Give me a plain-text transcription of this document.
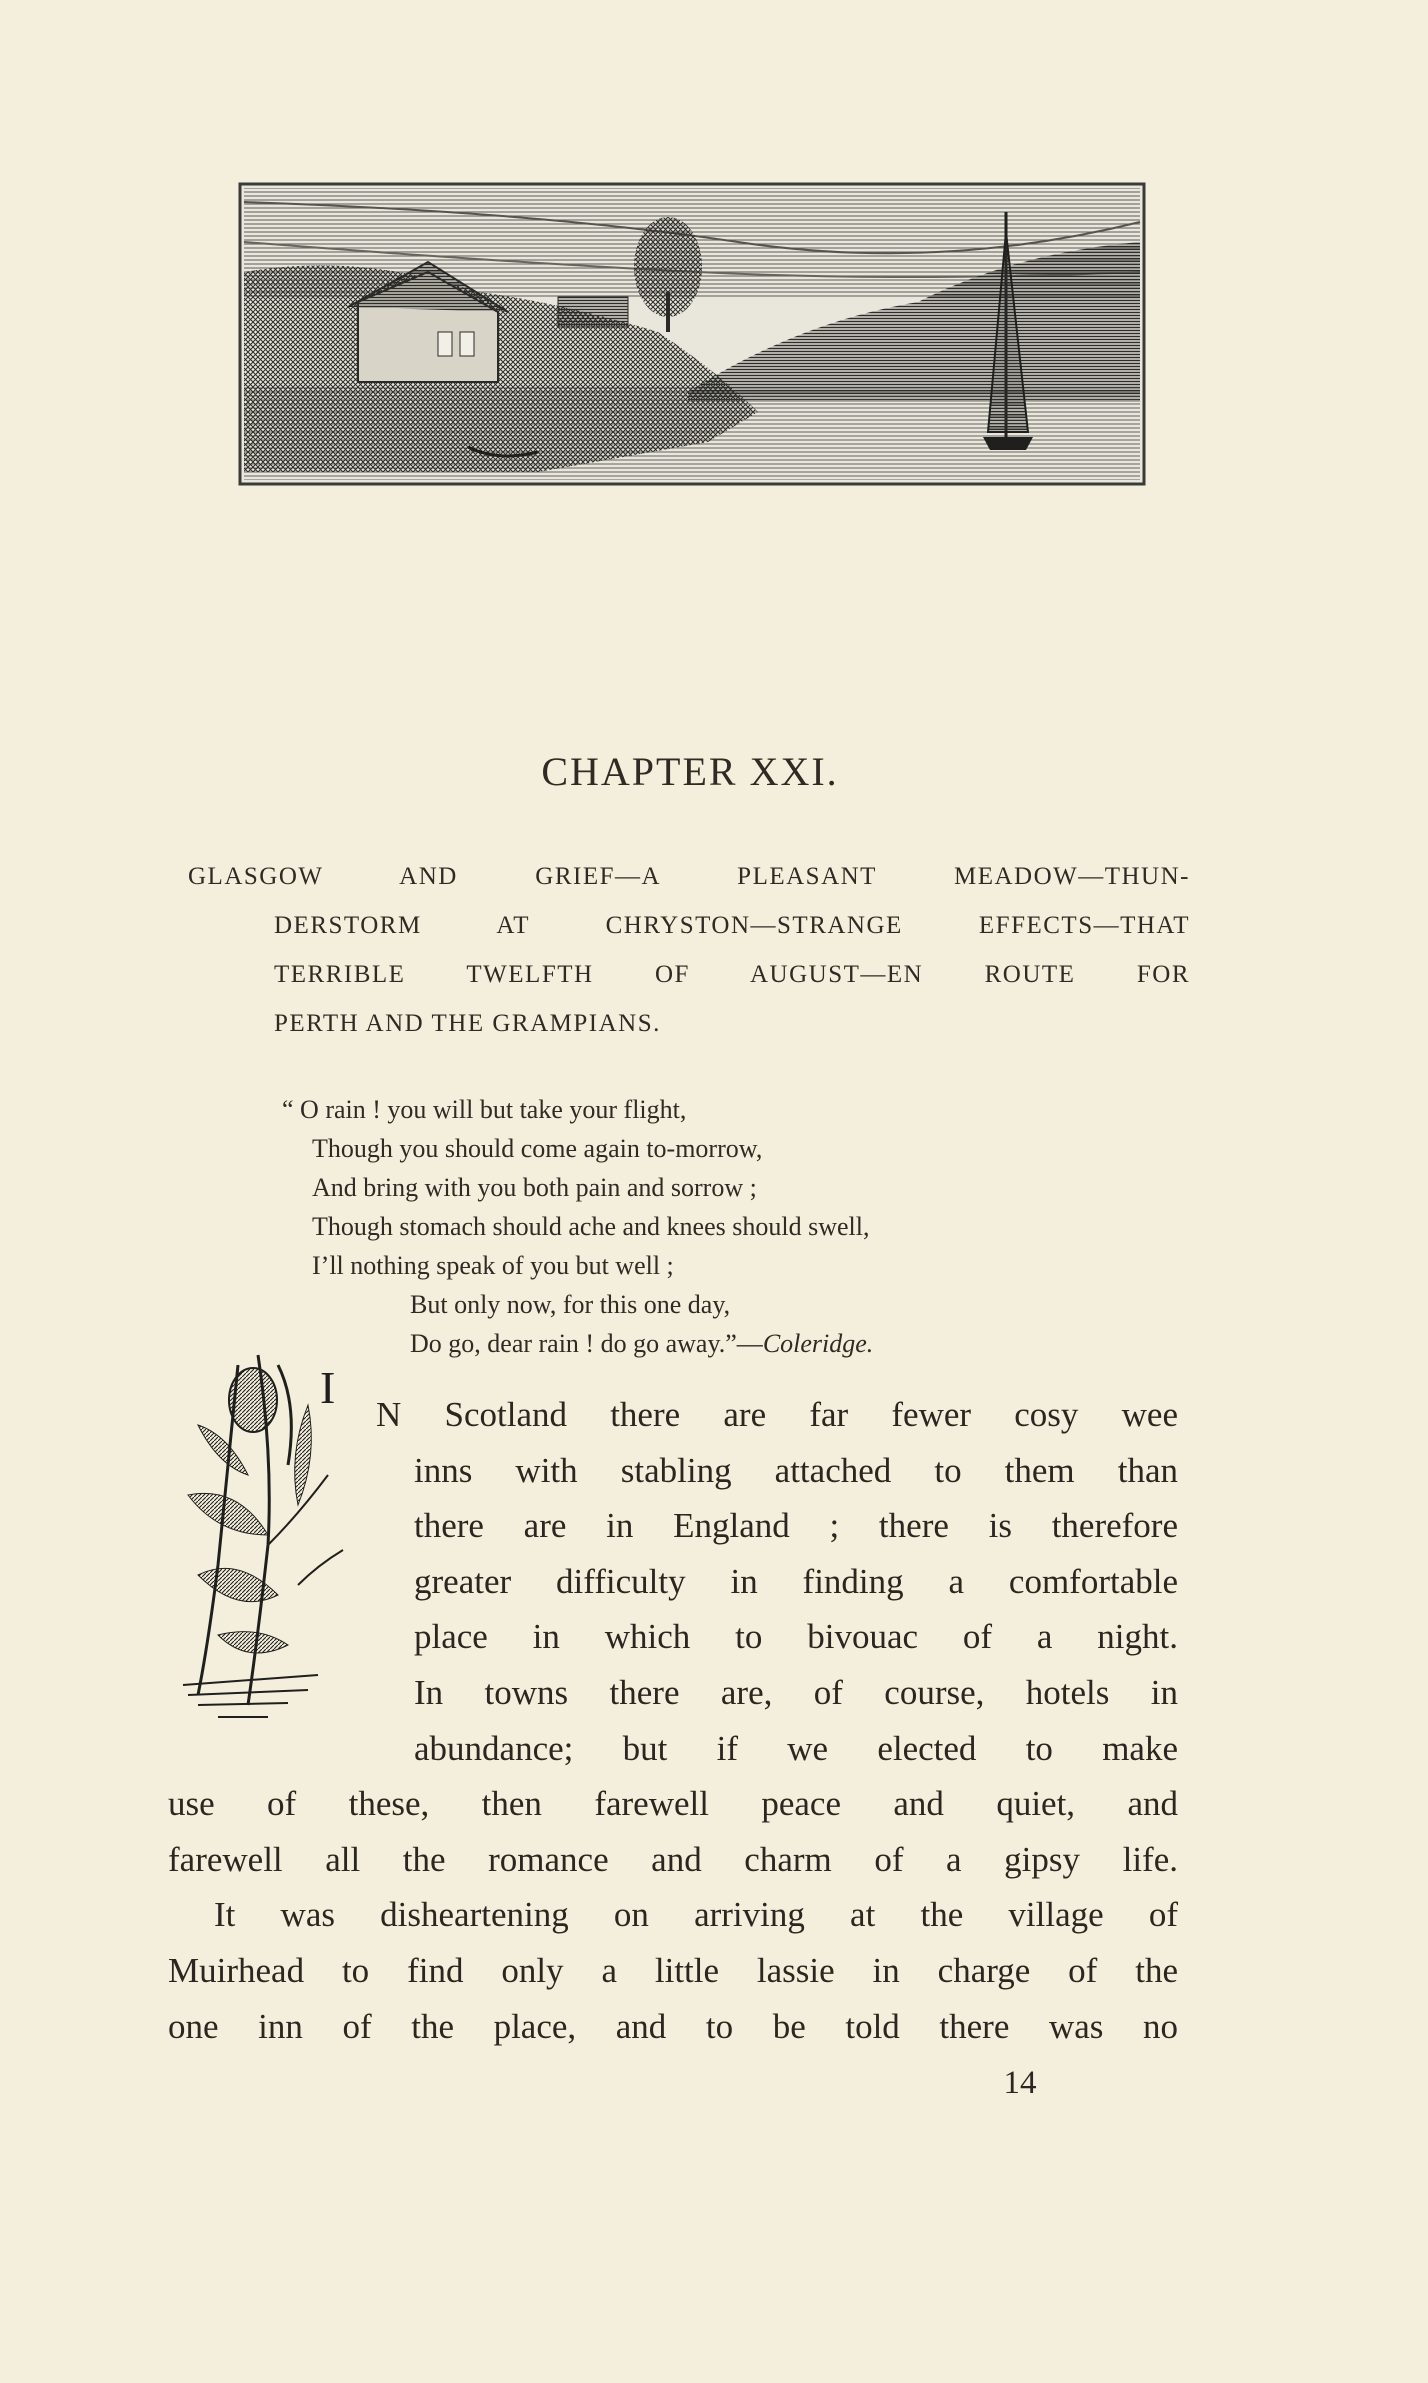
CHAPTER XXI.
GLASGOW AND GRIEF—A PLEASANT MEADOW—THUN-
DERSTORM AT CHRYSTON—STRANGE EFFECTS—THAT
TERRIBLE TWELFTH OF AUGUST—EN ROUTE FOR
PERTH AND THE GRAMPIANS.
“ O rain ! you will but take your flight,
Though you should come again to-morrow,
And bring with you both pain and sorrow ;
Though stomach should ache and knees should swell,
I’ll nothing speak of you but well ;
But only now, for this one day,
Do go, dear rain ! do go away.”—Coleridge.
I
N Scotland there are far fewer cosy wee
inns with stabling attached to them than
there are in England ; there is therefore
greater difficulty in finding a comfortable
place in which to bivouac of a night.
In towns there are, of course, hotels in
abundance; but if we elected to make
use of these, then farewell peace and quiet, and
farewell all the romance and charm of a gipsy life.
It was disheartening on arriving at the village of
Muirhead to find only a little lassie in charge of the
one inn of the place, and to be told there was no
14
